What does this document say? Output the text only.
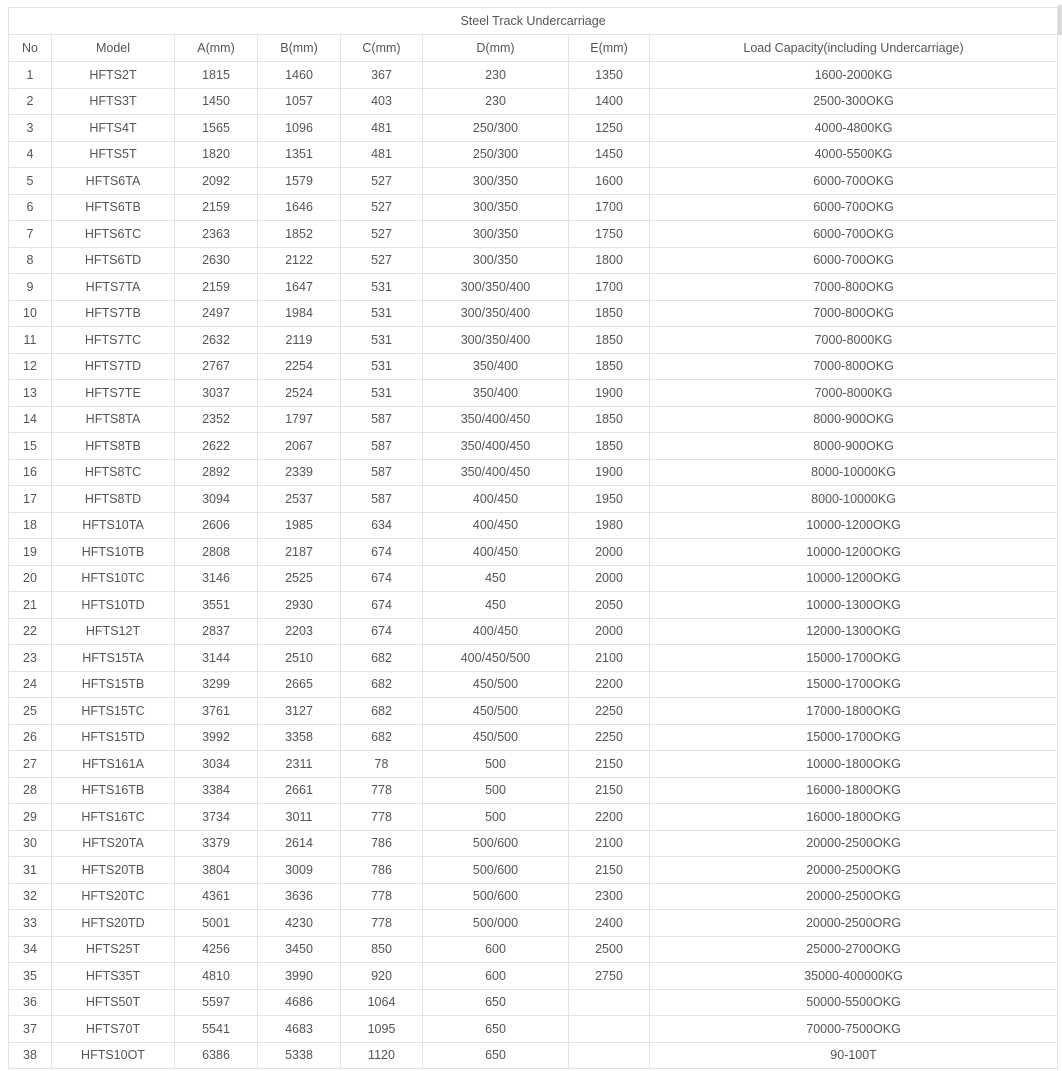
Steel Track Undercarriage							
No	Model	A(mm)	B(mm)	C(mm)	D(mm)	E(mm)	Load Capacity(including Undercarriage)
1	HFTS2T	1815	1460	367	230	1350	1600-2000KG
2	HFTS3T	1450	1057	403	230	1400	2500-300OKG
3	HFTS4T	1565	1096	481	250/300	1250	4000-4800KG
4	HFTS5T	1820	1351	481	250/300	1450	4000-5500KG
5	HFTS6TA	2092	1579	527	300/350	1600	6000-700OKG
6	HFTS6TB	2159	1646	527	300/350	1700	6000-700OKG
7	HFTS6TC	2363	1852	527	300/350	1750	6000-700OKG
8	HFTS6TD	2630	2122	527	300/350	1800	6000-700OKG
9	HFTS7TA	2159	1647	531	300/350/400	1700	7000-800OKG
10	HFTS7TB	2497	1984	531	300/350/400	1850	7000-800OKG
11	HFTS7TC	2632	2119	531	300/350/400	1850	7000-8000KG
12	HFTS7TD	2767	2254	531	350/400	1850	7000-800OKG
13	HFTS7TE	3037	2524	531	350/400	1900	7000-8000KG
14	HFTS8TA	2352	1797	587	350/400/450	1850	8000-900OKG
15	HFTS8TB	2622	2067	587	350/400/450	1850	8000-900OKG
16	HFTS8TC	2892	2339	587	350/400/450	1900	8000-10000KG
17	HFTS8TD	3094	2537	587	400/450	1950	8000-10000KG
18	HFTS10TA	2606	1985	634	400/450	1980	10000-1200OKG
19	HFTS10TB	2808	2187	674	400/450	2000	10000-1200OKG
20	HFTS10TC	3146	2525	674	450	2000	10000-1200OKG
21	HFTS10TD	3551	2930	674	450	2050	10000-1300OKG
22	HFTS12T	2837	2203	674	400/450	2000	12000-1300OKG
23	HFTS15TA	3144	2510	682	400/450/500	2100	15000-1700OKG
24	HFTS15TB	3299	2665	682	450/500	2200	15000-1700OKG
25	HFTS15TC	3761	3127	682	450/500	2250	17000-1800OKG
26	HFTS15TD	3992	3358	682	450/500	2250	15000-1700OKG
27	HFTS161A	3034	2311	78	500	2150	10000-1800OKG
28	HFTS16TB	3384	2661	778	500	2150	16000-1800OKG
29	HFTS16TC	3734	3011	778	500	2200	16000-1800OKG
30	HFTS20TA	3379	2614	786	500/600	2100	20000-2500OKG
31	HFTS20TB	3804	3009	786	500/600	2150	20000-2500OKG
32	HFTS20TC	4361	3636	778	500/600	2300	20000-2500OKG
33	HFTS20TD	5001	4230	778	500/000	2400	20000-2500ORG
34	HFTS25T	4256	3450	850	600	2500	25000-2700OKG
35	HFTS35T	4810	3990	920	600	2750	35000-400000KG
36	HFTS50T	5597	4686	1064	650		50000-5500OKG
37	HFTS70T	5541	4683	1095	650		70000-7500OKG
38	HFTS10OT	6386	5338	1120	650		90-100T
